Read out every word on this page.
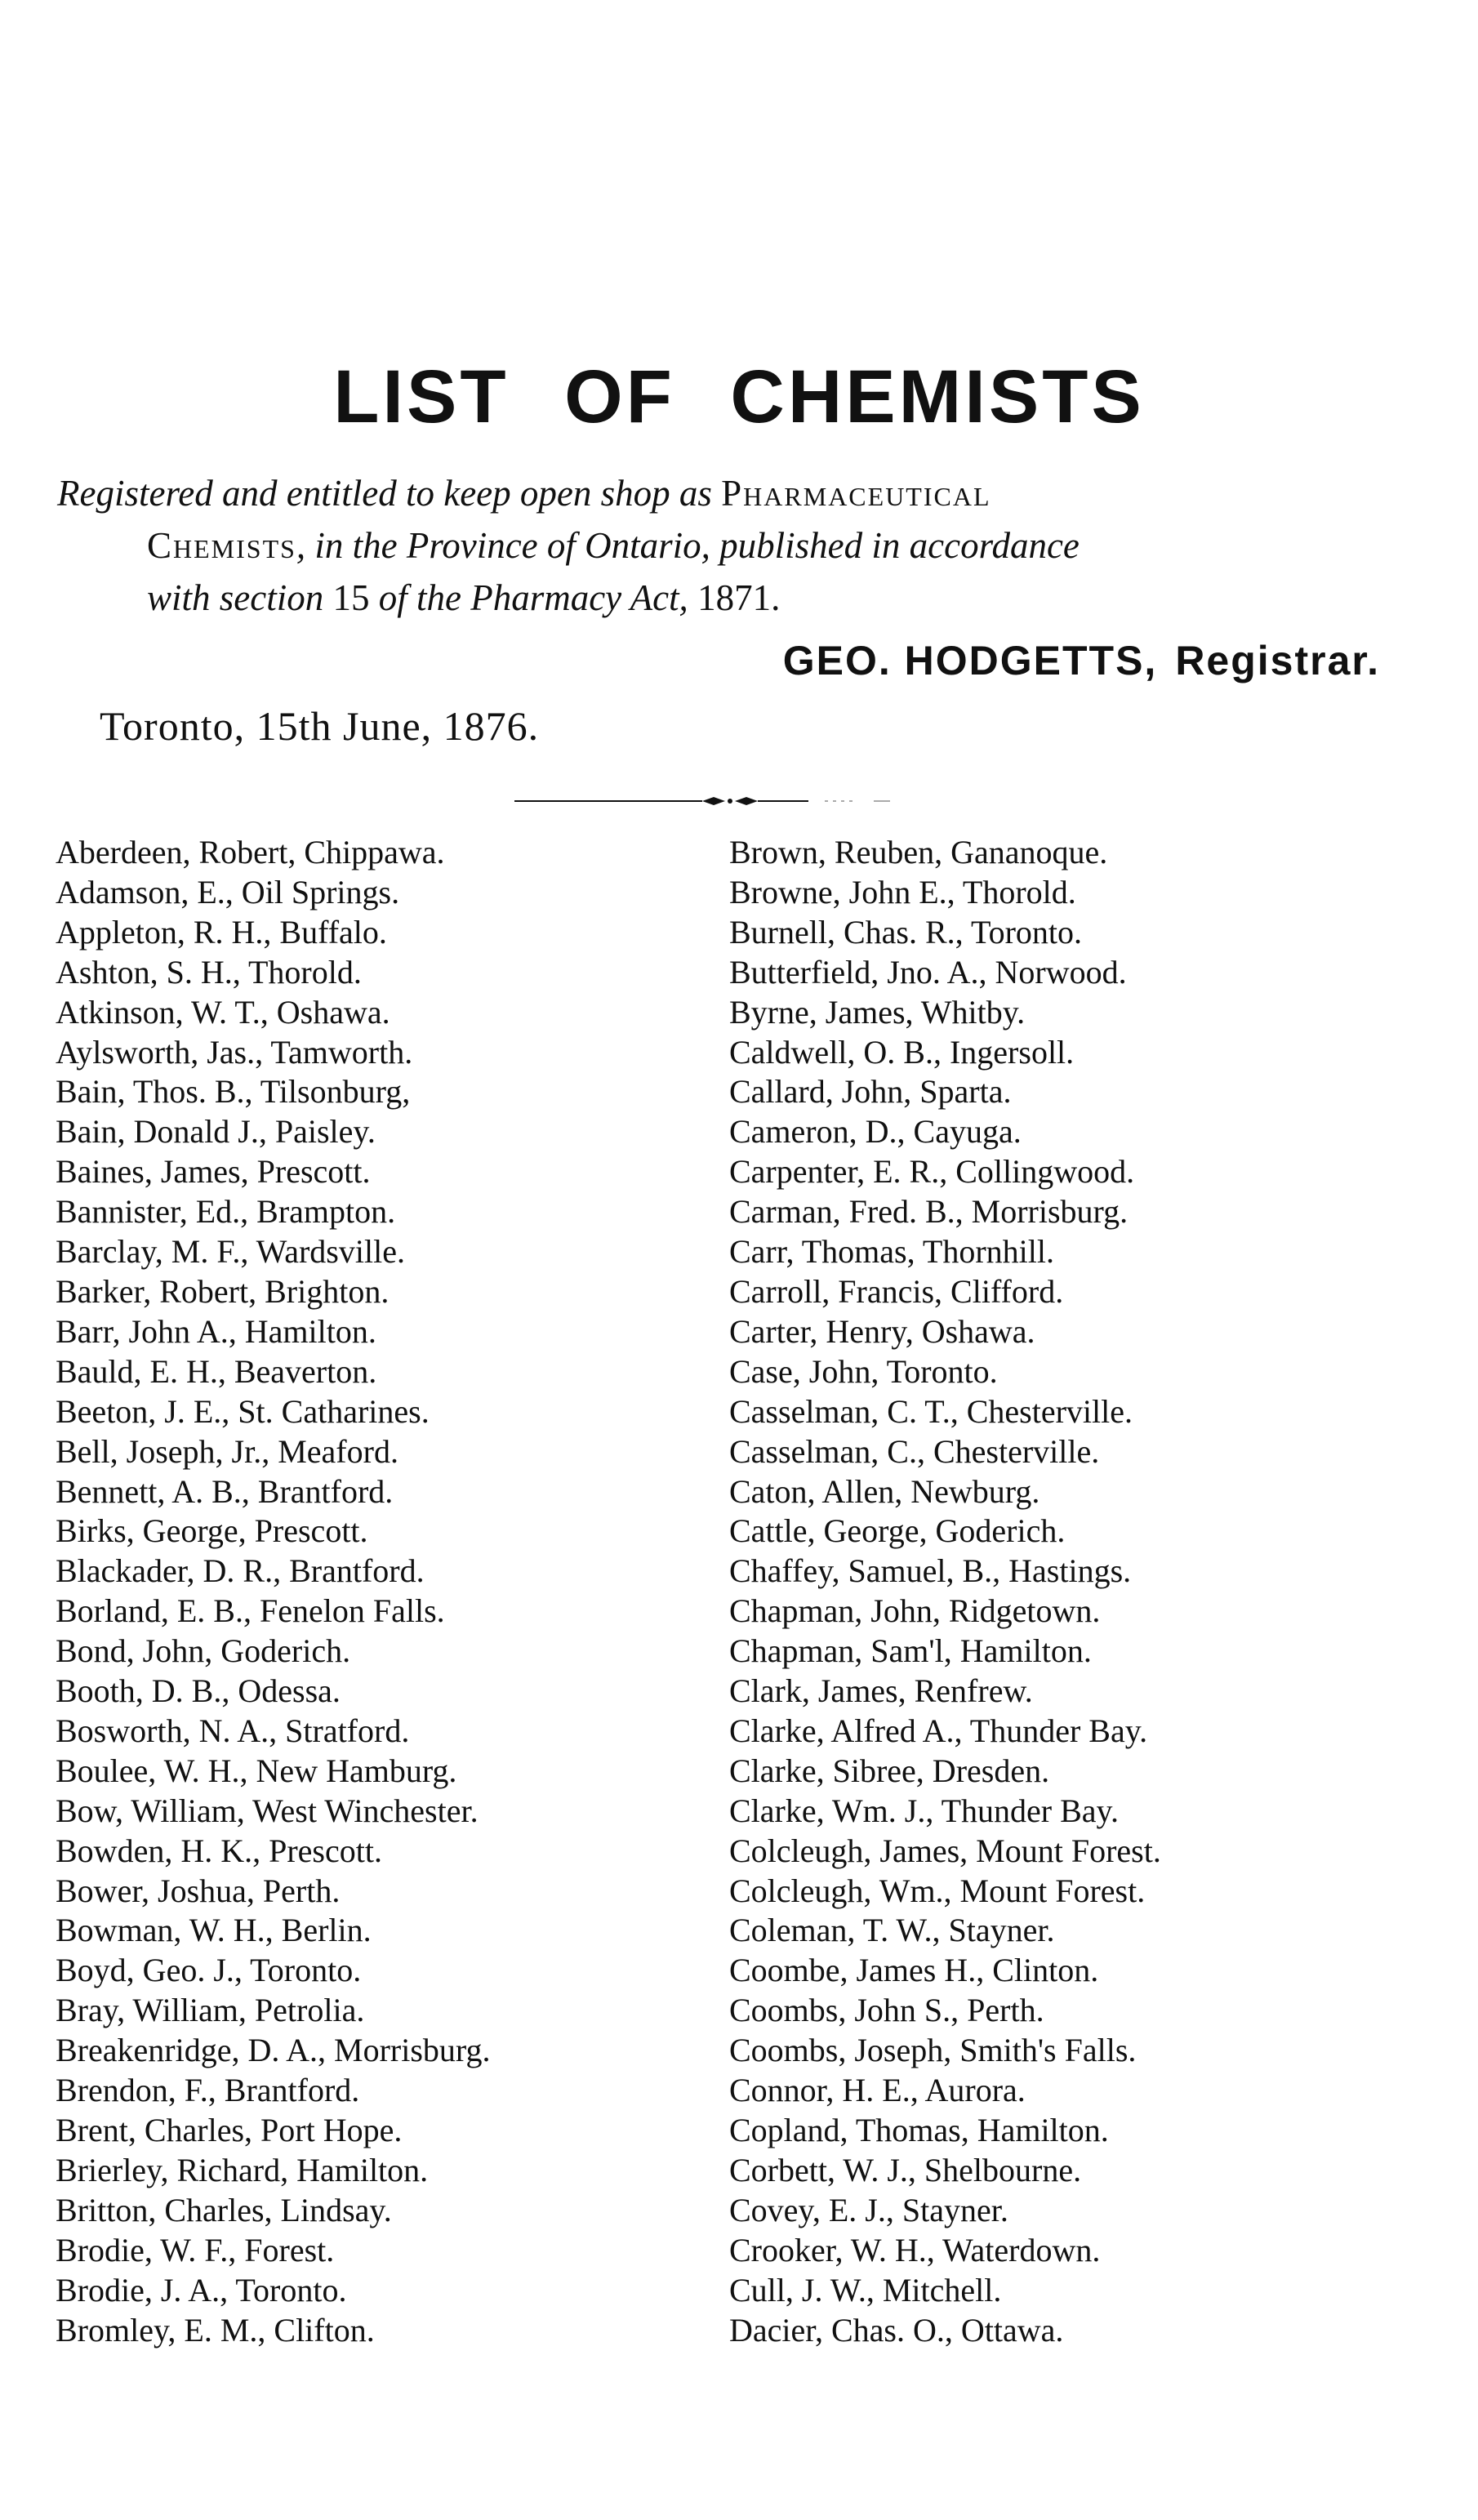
LIST OF CHEMISTS
Registered and entitled to keep open shop as Pharmaceutical
Chemists, in the Province of Ontario, published in accordance
with section 15 of the Pharmacy Act, 1871.
GEO. HODGETTS, Registrar.
Toronto, 15th June, 1876.
Aberdeen, Robert, Chippawa.
Adamson, E., Oil Springs.
Appleton, R. H., Buffalo.
Ashton, S. H., Thorold.
Atkinson, W. T., Oshawa.
Aylsworth, Jas., Tamworth.
Bain, Thos. B., Tilsonburg,
Bain, Donald J., Paisley.
Baines, James, Prescott.
Bannister, Ed., Brampton.
Barclay, M. F., Wardsville.
Barker, Robert, Brighton.
Barr, John A., Hamilton.
Bauld, E. H., Beaverton.
Beeton, J. E., St. Catharines.
Bell, Joseph, Jr., Meaford.
Bennett, A. B., Brantford.
Birks, George, Prescott.
Blackader, D. R., Brantford.
Borland, E. B., Fenelon Falls.
Bond, John, Goderich.
Booth, D. B., Odessa.
Bosworth, N. A., Stratford.
Boulee, W. H., New Hamburg.
Bow, William, West Winchester.
Bowden, H. K., Prescott.
Bower, Joshua, Perth.
Bowman, W. H., Berlin.
Boyd, Geo. J., Toronto.
Bray, William, Petrolia.
Breakenridge, D. A., Morrisburg.
Brendon, F., Brantford.
Brent, Charles, Port Hope.
Brierley, Richard, Hamilton.
Britton, Charles, Lindsay.
Brodie, W. F., Forest.
Brodie, J. A., Toronto.
Bromley, E. M., Clifton.
Brown, Reuben, Gananoque.
Browne, John E., Thorold.
Burnell, Chas. R., Toronto.
Butterfield, Jno. A., Norwood.
Byrne, James, Whitby.
Caldwell, O. B., Ingersoll.
Callard, John, Sparta.
Cameron, D., Cayuga.
Carpenter, E. R., Collingwood.
Carman, Fred. B., Morrisburg.
Carr, Thomas, Thornhill.
Carroll, Francis, Clifford.
Carter, Henry, Oshawa.
Case, John, Toronto.
Casselman, C. T., Chesterville.
Casselman, C., Chesterville.
Caton, Allen, Newburg.
Cattle, George, Goderich.
Chaffey, Samuel, B., Hastings.
Chapman, John, Ridgetown.
Chapman, Sam'l, Hamilton.
Clark, James, Renfrew.
Clarke, Alfred A., Thunder Bay.
Clarke, Sibree, Dresden.
Clarke, Wm. J., Thunder Bay.
Colcleugh, James, Mount Forest.
Colcleugh, Wm., Mount Forest.
Coleman, T. W., Stayner.
Coombe, James H., Clinton.
Coombs, John S., Perth.
Coombs, Joseph, Smith's Falls.
Connor, H. E., Aurora.
Copland, Thomas, Hamilton.
Corbett, W. J., Shelbourne.
Covey, E. J., Stayner.
Crooker, W. H., Waterdown.
Cull, J. W., Mitchell.
Dacier, Chas. O., Ottawa.
